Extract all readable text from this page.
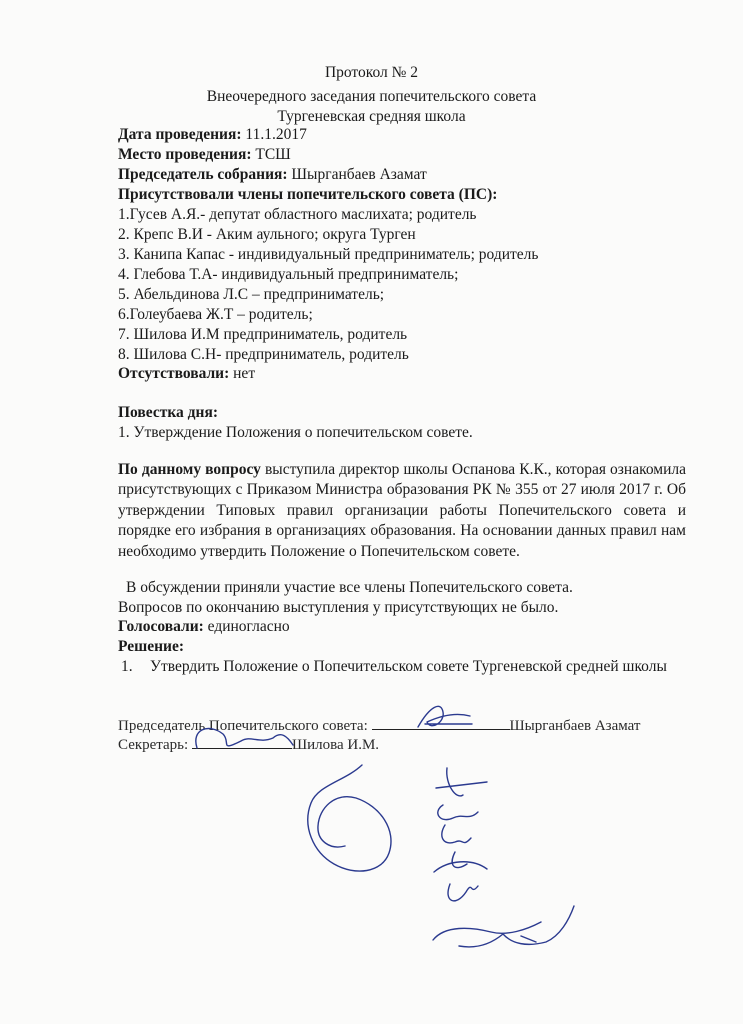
Протокол № 2
Внеочередного заседания попечительского совета
Тургеневская средняя школа
Дата проведения: 11.1.2017
Место проведения: ТСШ
Председатель собрания: Шырганбаев Азамат
Присутствовали члены попечительского совета (ПС):
1.Гусев А.Я.- депутат областного маслихата; родитель
2. Крепс В.И - Аким аульного; округа Турген
3. Канипа Капас - индивидуальный предприниматель; родитель
4. Глебова Т.А- индивидуальный предприниматель;
5. Абельдинова Л.С – предприниматель;
6.Голеубаева Ж.Т – родитель;
7. Шилова И.М предприниматель, родитель
8. Шилова С.Н- предприниматель, родитель
Отсутствовали: нет
Повестка дня:
1. Утверждение Положения о попечительском совете.
По данному вопросу выступила директор школы Оспанова К.К., которая ознакомила присутствующих с Приказом Министра образования РК № 355 от 27 июля 2017 г. Об утверждении Типовых правил организации работы Попечительского совета и порядке его избрания в организациях образования. На основании данных правил нам необходимо утвердить Положение о Попечительском совете.
В обсуждении приняли участие все члены Попечительского совета.
Вопросов по окончанию выступления у присутствующих не было.
Голосовали: единогласно
Решение:
1.	Утвердить Положение о Попечительском совете Тургеневской средней школы
Председатель Попечительского совета:	Шырганбаев Азамат
Секретарь:	Шилова И.М.
